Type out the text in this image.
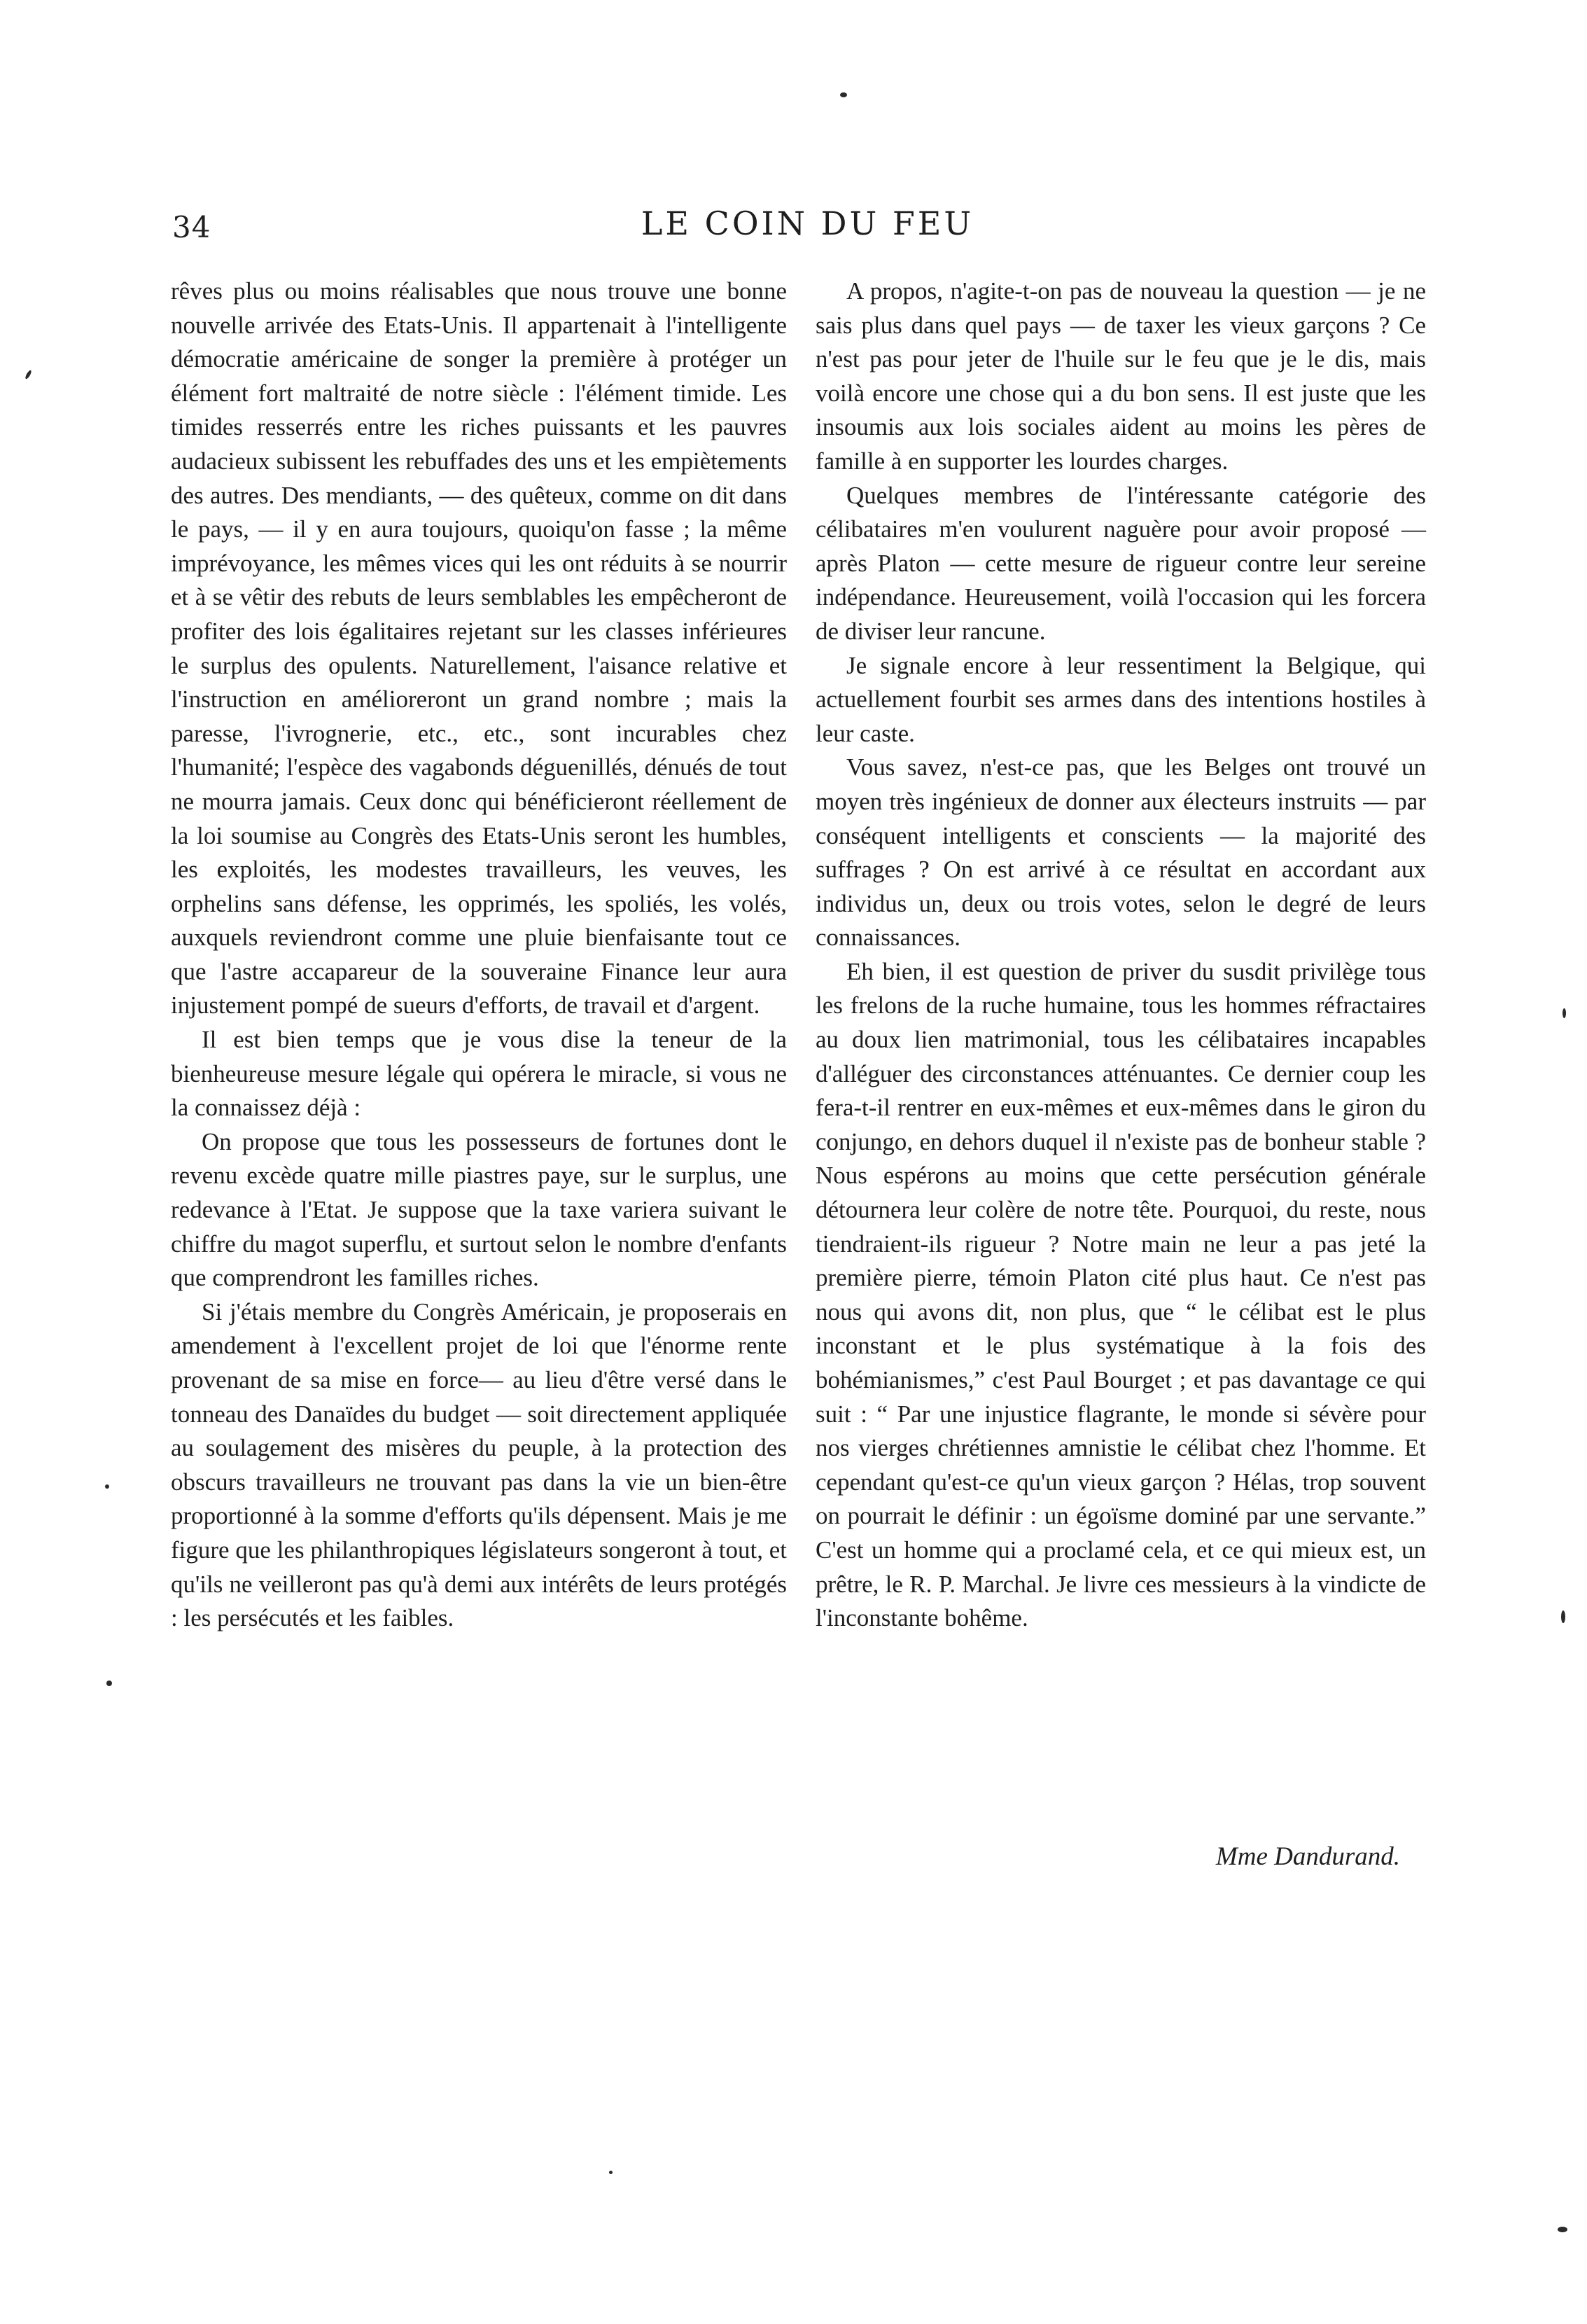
34	LE COIN DU FEU

rêves plus ou moins réalisables que nous trouve une bonne nouvelle arrivée des Etats-Unis. Il appartenait à l'intelligente démocratie américaine de songer la première à protéger un élément fort maltraité de notre siècle : l'élément timide. Les timides resserrés entre les riches puissants et les pauvres audacieux subissent les rebuffades des uns et les empiètements des autres. Des mendiants, — des quêteux, comme on dit dans le pays, — il y en aura toujours, quoiqu'on fasse ; la même imprévoyance, les mêmes vices qui les ont réduits à se nourrir et à se vêtir des rebuts de leurs semblables les empêcheront de profiter des lois égalitaires rejetant sur les classes inférieures le surplus des opulents. Naturellement, l'aisance relative et l'instruction en amélioreront un grand nombre ; mais la paresse, l'ivrognerie, etc., etc., sont incurables chez l'humanité; l'espèce des vagabonds déguenillés, dénués de tout ne mourra jamais. Ceux donc qui bénéficieront réellement de la loi soumise au Congrès des Etats-Unis seront les humbles, les exploités, les modestes travailleurs, les veuves, les orphelins sans défense, les opprimés, les spoliés, les volés, auxquels reviendront comme une pluie bienfaisante tout ce que l'astre accapareur de la souveraine Finance leur aura injustement pompé de sueurs d'efforts, de travail et d'argent.

Il est bien temps que je vous dise la teneur de la bienheureuse mesure légale qui opérera le miracle, si vous ne la connaissez déjà :

On propose que tous les possesseurs de fortunes dont le revenu excède quatre mille piastres paye, sur le surplus, une redevance à l'Etat. Je suppose que la taxe variera suivant le chiffre du magot superflu, et surtout selon le nombre d'enfants que comprendront les familles riches.

Si j'étais membre du Congrès Américain, je proposerais en amendement à l'excellent projet de loi que l'énorme rente provenant de sa mise en force— au lieu d'être versé dans le tonneau des Danaïdes du budget — soit directement appliquée au soulagement des misères du peuple, à la protection des obscurs travailleurs ne trouvant pas dans la vie un bien-être proportionné à la somme d'efforts qu'ils dépensent. Mais je me figure que les philanthropiques législateurs songeront à tout, et qu'ils ne veilleront pas qu'à demi aux intérêts de leurs protégés : les persécutés et les faibles.

A propos, n'agite-t-on pas de nouveau la question — je ne sais plus dans quel pays — de taxer les vieux garçons ? Ce n'est pas pour jeter de l'huile sur le feu que je le dis, mais voilà encore une chose qui a du bon sens. Il est juste que les insoumis aux lois sociales aident au moins les pères de famille à en supporter les lourdes charges.

Quelques membres de l'intéressante catégorie des célibataires m'en voulurent naguère pour avoir proposé — après Platon — cette mesure de rigueur contre leur sereine indépendance. Heureusement, voilà l'occasion qui les forcera de diviser leur rancune.

Je signale encore à leur ressentiment la Belgique, qui actuellement fourbit ses armes dans des intentions hostiles à leur caste.

Vous savez, n'est-ce pas, que les Belges ont trouvé un moyen très ingénieux de donner aux électeurs instruits — par conséquent intelligents et conscients — la majorité des suffrages ? On est arrivé à ce résultat en accordant aux individus un, deux ou trois votes, selon le degré de leurs connaissances.

Eh bien, il est question de priver du susdit privilège tous les frelons de la ruche humaine, tous les hommes réfractaires au doux lien matrimonial, tous les célibataires incapables d'alléguer des circonstances atténuantes. Ce dernier coup les fera-t-il rentrer en eux-mêmes et eux-mêmes dans le giron du conjungo, en dehors duquel il n'existe pas de bonheur stable ? Nous espérons au moins que cette persécution générale détournera leur colère de notre tête. Pourquoi, du reste, nous tiendraient-ils rigueur ? Notre main ne leur a pas jeté la première pierre, témoin Platon cité plus haut. Ce n'est pas nous qui avons dit, non plus, que “ le célibat est le plus inconstant et le plus systématique à la fois des bohémianismes,” c'est Paul Bourget ; et pas davantage ce qui suit : “ Par une injustice flagrante, le monde si sévère pour nos vierges chrétiennes amnistie le célibat chez l'homme. Et cependant qu'est-ce qu'un vieux garçon ? Hélas, trop souvent on pourrait le définir : un égoïsme dominé par une servante.” C'est un homme qui a proclamé cela, et ce qui mieux est, un prêtre, le R. P. Marchal. Je livre ces messieurs à la vindicte de l'inconstante bohême.

Mme Dandurand.
